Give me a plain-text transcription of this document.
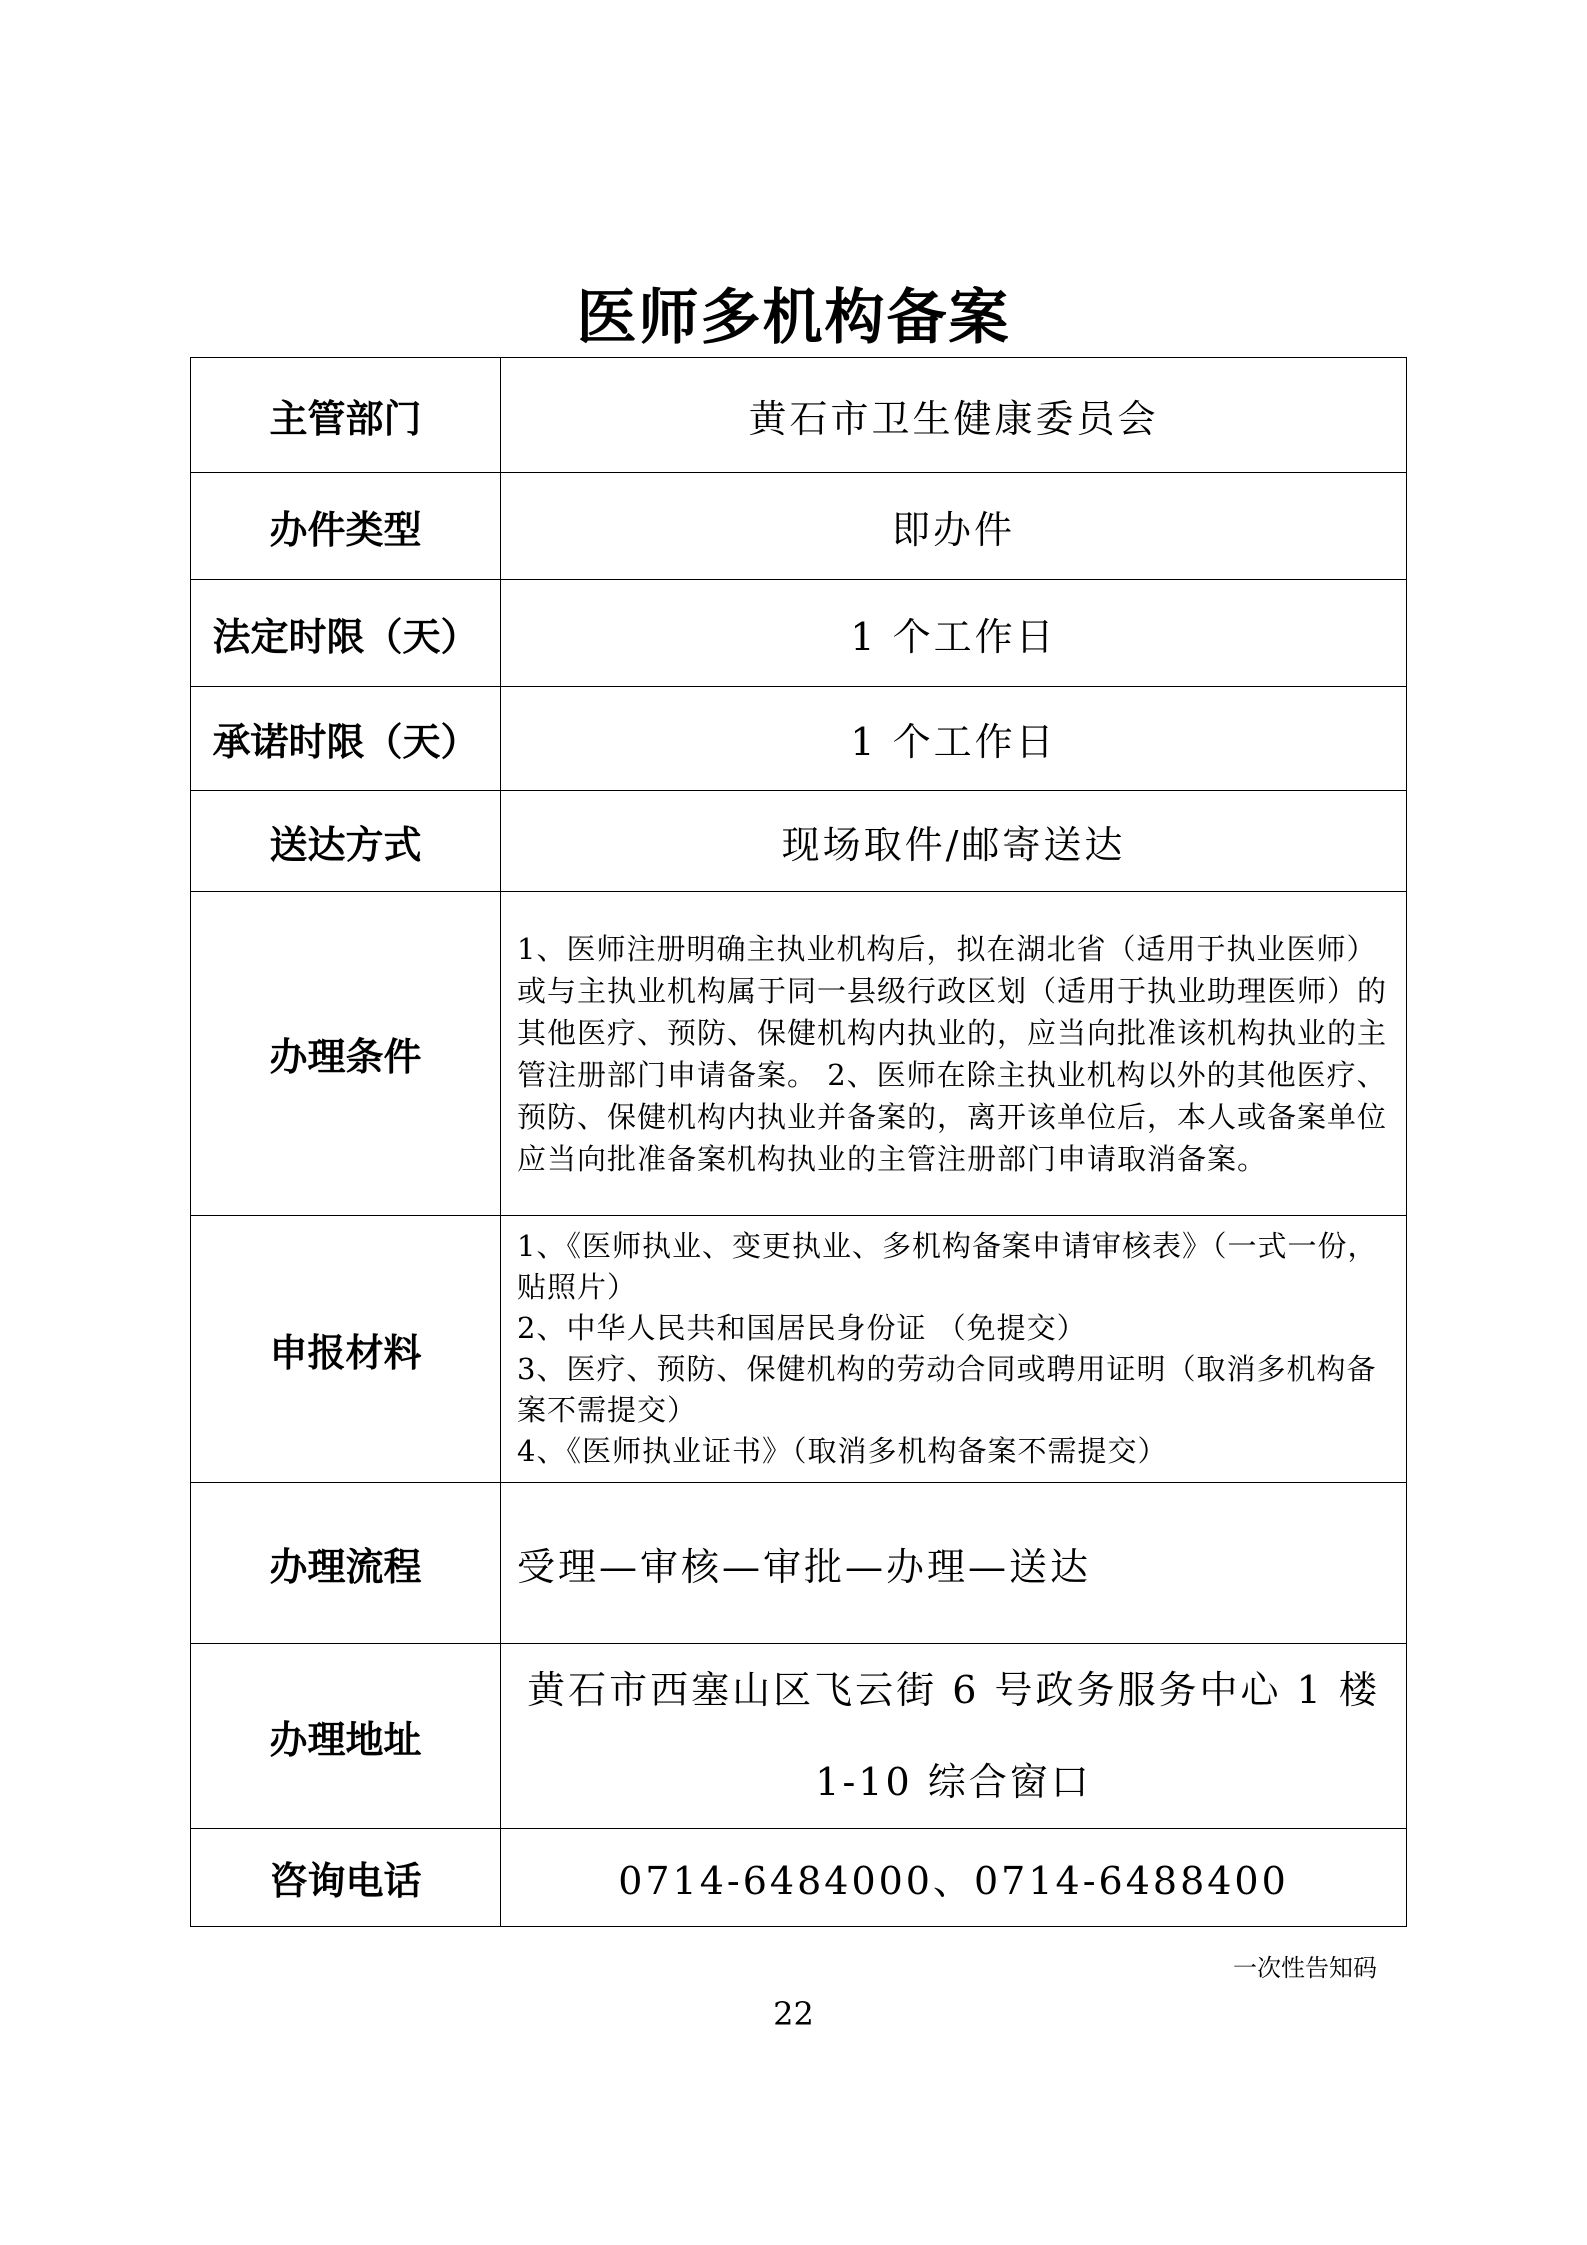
医师多机构备案
主管部门	黄石市卫生健康委员会
办件类型	即办件
法定时限（天）	1 个工作日
承诺时限（天）	1 个工作日
送达方式	现场取件/邮寄送达
办理条件	1、医师注册明确主执业机构后，拟在湖北省（适用于执业医师）或与主执业机构属于同一县级行政区划（适用于执业助理医师）的其他医疗、预防、保健机构内执业的，应当向批准该机构执业的主管注册部门申请备案。 2、医师在除主执业机构以外的其他医疗、预防、保健机构内执业并备案的，离开该单位后，本人或备案单位应当向批准备案机构执业的主管注册部门申请取消备案。

申报材料	1、《医师执业、变更执业、多机构备案申请审核表》（一式一份，贴照片）
2、中华人民共和国居民身份证 （免提交）
3、医疗、预防、保健机构的劳动合同或聘用证明（取消多机构备案不需提交）
4、《医师执业证书》（取消多机构备案不需提交）

办理流程	受理—审核—审批—办理—送达
办理地址	黄石市西塞山区飞云街 6 号政务服务中心 1 楼
1-10 综合窗口

咨询电话	0714-6484000、0714-6488400
一次性告知码
22
